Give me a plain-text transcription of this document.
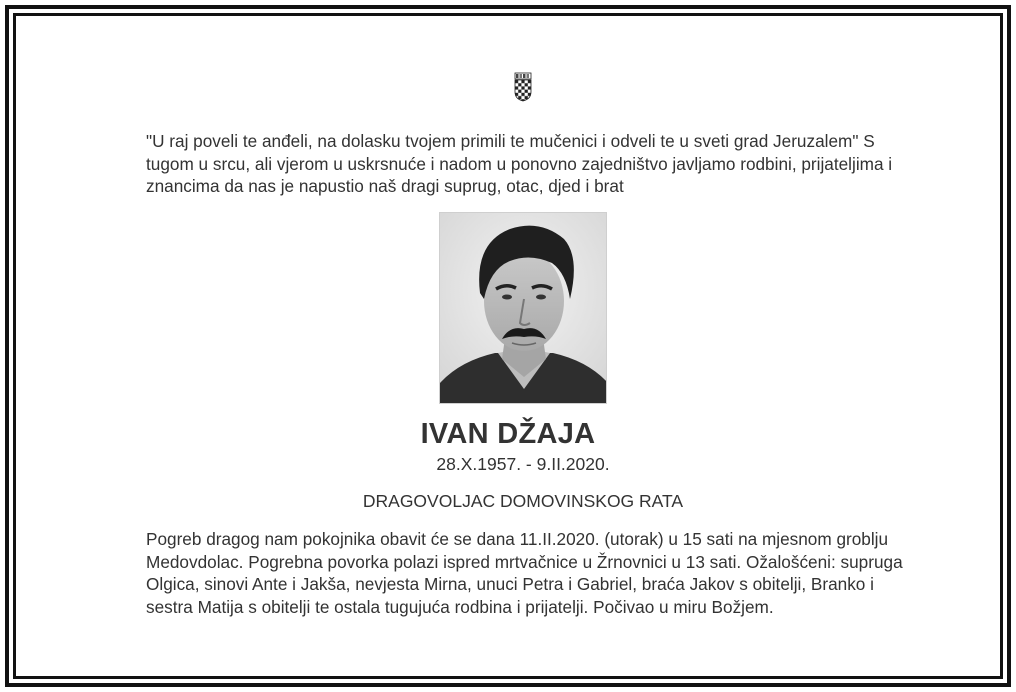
"U raj poveli te anđeli, na dolasku tvojem primili te mučenici i odveli te u sveti grad Jeruzalem" S tugom u srcu, ali vjerom u uskrsnuće i nadom u ponovno zajedništvo javljamo rodbini, prijateljima i znancima da nas je napustio naš dragi suprug, otac, djed i brat

IVAN DŽAJA
28.X.1957. - 9.II.2020.
DRAGOVOLJAC DOMOVINSKOG RATA

Pogreb dragog nam pokojnika obavit će se dana 11.II.2020. (utorak) u 15 sati na mjesnom groblju Medovdolac. Pogrebna povorka polazi ispred mrtvačnice u Žrnovnici u 13 sati. Ožalošćeni: supruga Olgica, sinovi Ante i Jakša, nevjesta Mirna, unuci Petra i Gabriel, braća Jakov s obitelji, Branko i sestra Matija s obitelji te ostala tugujuća rodbina i prijatelji. Počivao u miru Božjem.
